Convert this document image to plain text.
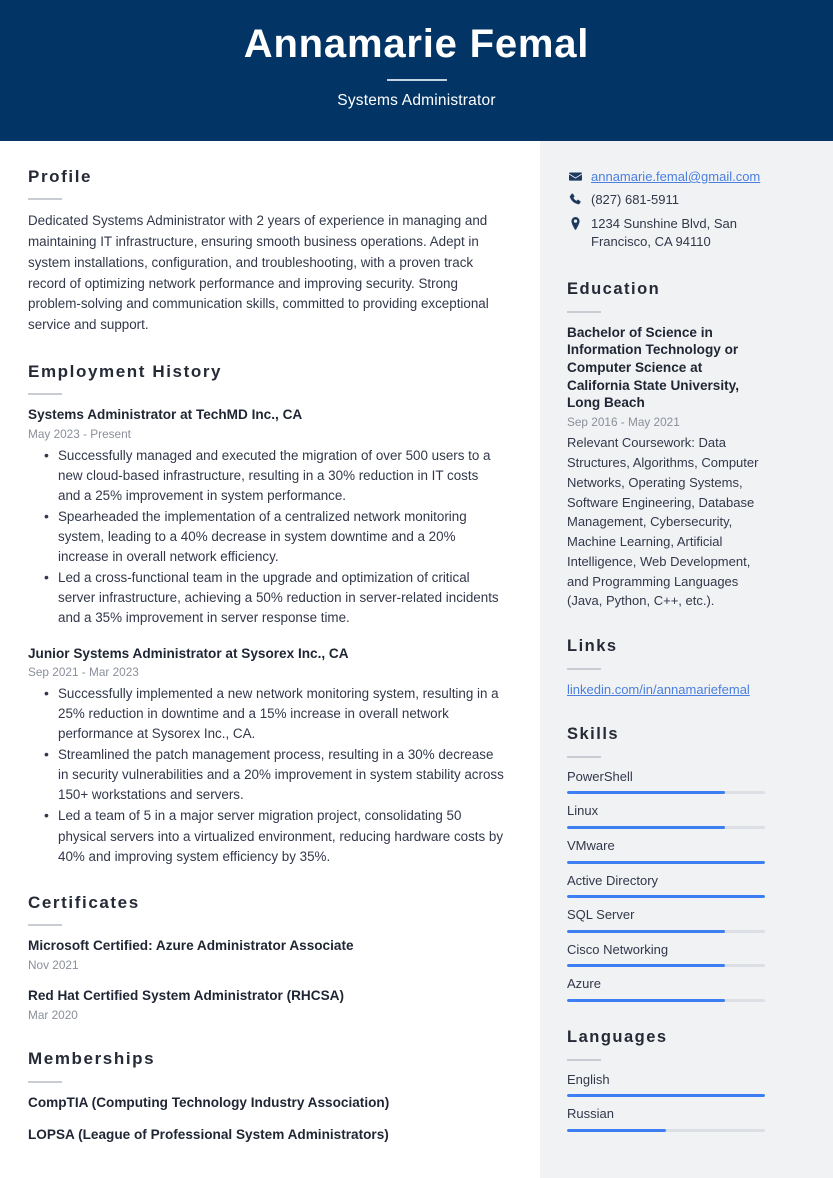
Annamarie Femal
Systems Administrator
Profile

Dedicated Systems Administrator with 2 years of experience in managing and maintaining IT infrastructure, ensuring smooth business operations. Adept in system installations, configuration, and troubleshooting, with a proven track record of optimizing network performance and improving security. Strong problem-solving and communication skills, committed to providing exceptional service and support.

Employment History
Systems Administrator at TechMD Inc., CA
May 2023 - Present
• Successfully managed and executed the migration of over 500 users to a new cloud-based infrastructure, resulting in a 30% reduction in IT costs and a 25% improvement in system performance.
• Spearheaded the implementation of a centralized network monitoring system, leading to a 40% decrease in system downtime and a 20% increase in overall network efficiency.
• Led a cross-functional team in the upgrade and optimization of critical server infrastructure, achieving a 50% reduction in server-related incidents and a 35% improvement in server response time.
Junior Systems Administrator at Sysorex Inc., CA
Sep 2021 - Mar 2023
• Successfully implemented a new network monitoring system, resulting in a 25% reduction in downtime and a 15% increase in overall network performance at Sysorex Inc., CA.
• Streamlined the patch management process, resulting in a 30% decrease in security vulnerabilities and a 20% improvement in system stability across 150+ workstations and servers.
• Led a team of 5 in a major server migration project, consolidating 50 physical servers into a virtualized environment, reducing hardware costs by 40% and improving system efficiency by 35%.
Certificates
Microsoft Certified: Azure Administrator Associate
Nov 2021
Red Hat Certified System Administrator (RHCSA)
Mar 2020
Memberships
CompTIA (Computing Technology Industry Association)
LOPSA (League of Professional System Administrators)
annamarie.femal@gmail.com
(827) 681-5911
1234 Sunshine Blvd, San Francisco, CA 94110
Education
Bachelor of Science in Information Technology or Computer Science at California State University, Long Beach
Sep 2016 - May 2021

Relevant Coursework: Data Structures, Algorithms, Computer Networks, Operating Systems, Software Engineering, Database Management, Cybersecurity, Machine Learning, Artificial Intelligence, Web Development, and Programming Languages (Java, Python, C++, etc.).

Links
linkedin.com/in/annamariefemal
Skills
PowerShell
Linux
VMware
Active Directory
SQL Server
Cisco Networking
Azure
Languages
English
Russian
